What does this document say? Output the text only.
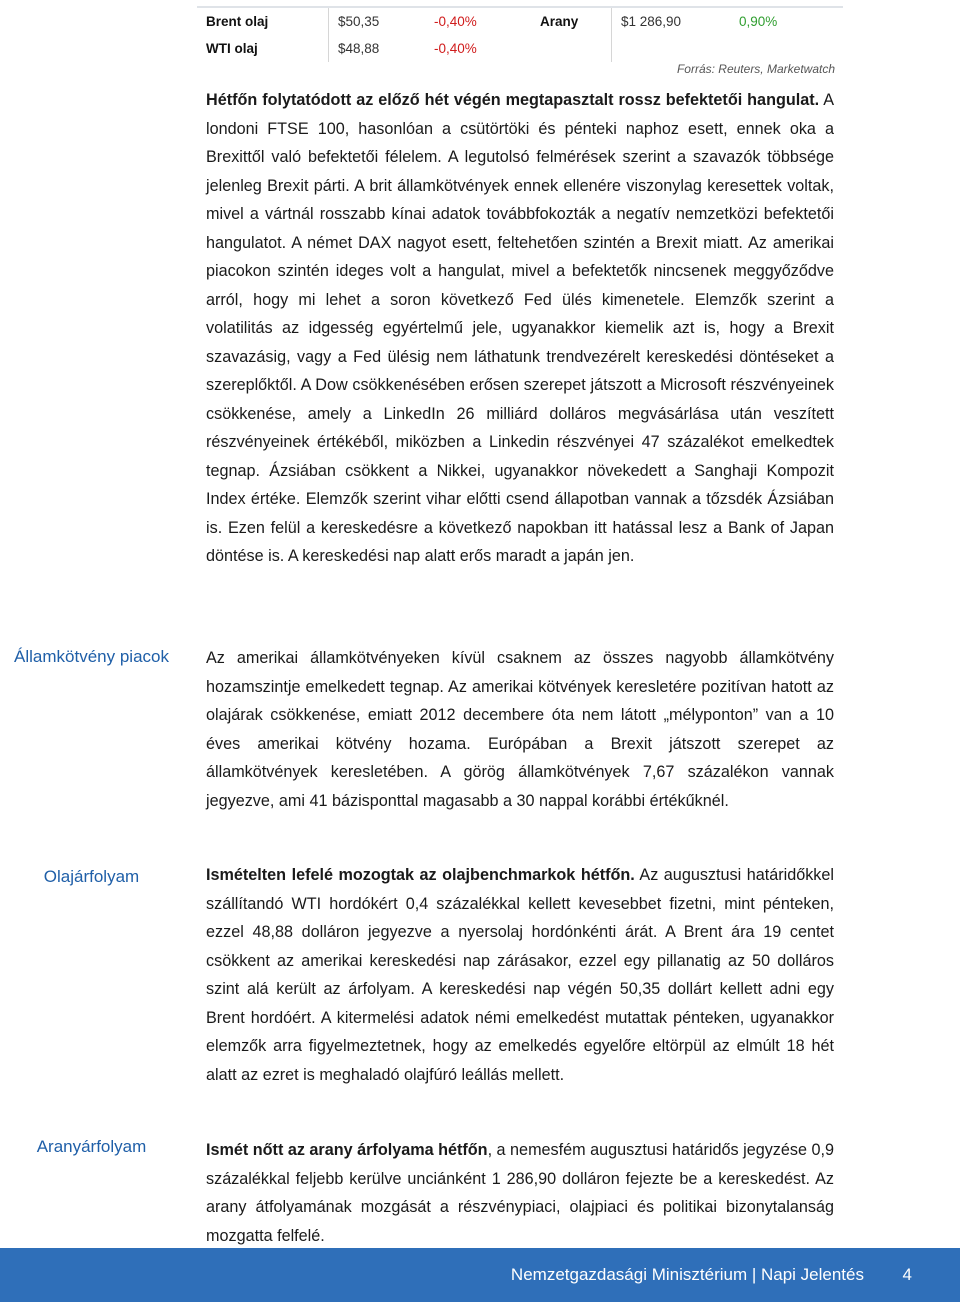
Brent olaj	$50,35	-0,40%	Arany	$1 286,90	0,90%
WTI olaj	$48,88	-0,40%			
Forrás: Reuters, Marketwatch
Hétfőn folytatódott az előző hét végén megtapasztalt rossz befektetői hangulat. A londoni FTSE 100, hasonlóan a csütörtöki és pénteki naphoz esett, ennek oka a Brexittől való befektetői félelem. A legutolsó felmérések szerint a szavazók többsége jelenleg Brexit párti. A brit államkötvények ennek ellenére viszonylag keresettek voltak, mivel a vártnál rosszabb kínai adatok továbbfokozták a negatív nemzetközi befektetői hangulatot. A német DAX nagyot esett, feltehetően szintén a Brexit miatt. Az amerikai piacokon szintén ideges volt a hangulat, mivel a befektetők nincsenek meggyőződve arról, hogy mi lehet a soron következő Fed ülés kimenetele. Elemzők szerint a volatilitás az idgesség egyértelmű jele, ugyanakkor kiemelik azt is, hogy a Brexit szavazásig, vagy a Fed ülésig nem láthatunk trendvezérelt kereskedési döntéseket a szereplőktől. A Dow csökkenésében erősen szerepet játszott a Microsoft részvényeinek csökkenése, amely a LinkedIn 26 milliárd dolláros megvásárlása után veszített részvényeinek értékéből, miközben a Linkedin részvényei 47 százalékot emelkedtek tegnap. Ázsiában csökkent a Nikkei, ugyanakkor növekedett a Sanghaji Kompozit Index értéke. Elemzők szerint vihar előtti csend állapotban vannak a tőzsdék Ázsiában is. Ezen felül a kereskedésre a következő napokban itt hatással lesz a Bank of Japan döntése is. A kereskedési nap alatt erős maradt a japán jen.
Államkötvény piacok	Az amerikai államkötvényeken kívül csaknem az összes nagyobb államkötvény hozamszintje emelkedett tegnap. Az amerikai kötvények keresletére pozitívan hatott az olajárak csökkenése, emiatt 2012 decembere óta nem látott „mélyponton” van a 10 éves amerikai kötvény hozama. Európában a Brexit játszott szerepet az államkötvények keresletében. A görög államkötvények 7,67 százalékon vannak jegyezve, ami 41 bázisponttal magasabb a 30 nappal korábbi értékűknél.
Olajárfolyam	Ismételten lefelé mozogtak az olajbenchmarkok hétfőn. Az augusztusi határidőkkel szállítandó WTI hordókért 0,4 százalékkal kellett kevesebbet fizetni, mint pénteken, ezzel 48,88 dolláron jegyezve a nyersolaj hordónkénti árát. A Brent ára 19 centet csökkent az amerikai kereskedési nap zárásakor, ezzel egy pillanatig az 50 dolláros szint alá került az árfolyam. A kereskedési nap végén 50,35 dollárt kellett adni egy Brent hordóért. A kitermelési adatok némi emelkedést mutattak pénteken, ugyanakkor elemzők arra figyelmeztetnek, hogy az emelkedés egyelőre eltörpül az elmúlt 18 hét alatt az ezret is meghaladó olajfúró leállás mellett.
Aranyárfolyam	Ismét nőtt az arany árfolyama hétfőn, a nemesfém augusztusi határidős jegyzése 0,9 százalékkal feljebb kerülve unciánként 1 286,90 dolláron fejezte be a kereskedést. Az arany átfolyamának mozgását a részvénypiaci, olajpiaci és politikai bizonytalanság mozgatta felfelé.
Nemzetgazdasági Minisztérium | Napi Jelentés 4
